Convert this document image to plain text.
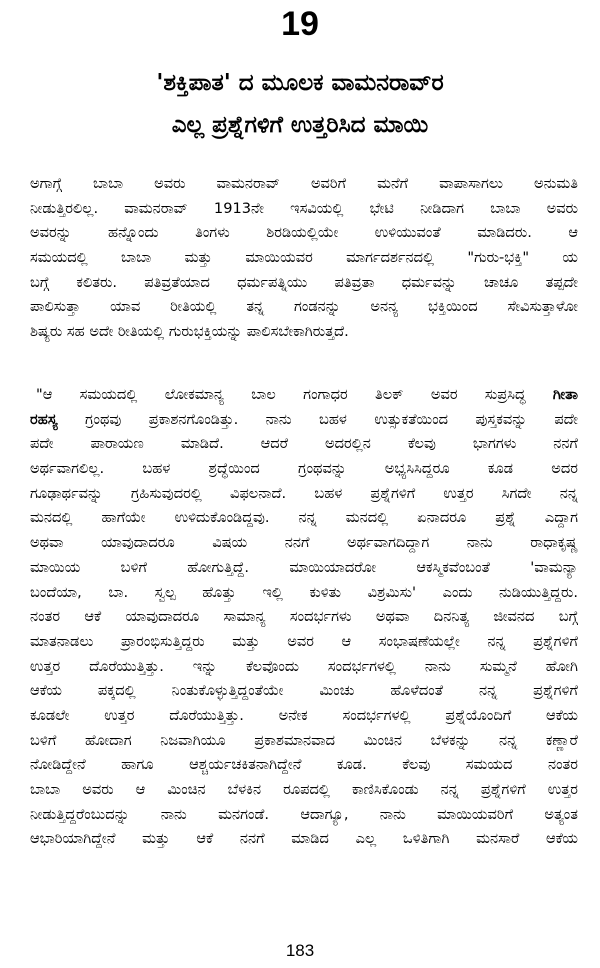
19
'ಶಕ್ತಿಪಾತ' ದ ಮೂಲಕ ವಾಮನರಾವ್‌ರ
ಎಲ್ಲ ಪ್ರಶ್ನೆಗಳಿಗೆ ಉತ್ತರಿಸಿದ ಮಾಯಿ
ಅಗಾಗ್ಗೆ ಬಾಬಾ ಅವರು ವಾಮನರಾವ್ ಅವರಿಗೆ ಮನೆಗೆ ವಾಪಾಸಾಗಲು ಅನುಮತಿ
ನೀಡುತ್ತಿರಲಿಲ್ಲ. ವಾಮನರಾವ್ 1913ನೇ ಇಸವಿಯಲ್ಲಿ ಭೇಟಿ ನೀಡಿದಾಗ ಬಾಬಾ ಅವರು
ಅವರನ್ನು ಹನ್ನೊಂದು ತಿಂಗಳು ಶಿರಡಿಯಲ್ಲಿಯೇ ಉಳಿಯುವಂತೆ ಮಾಡಿದರು. ಆ
ಸಮಯದಲ್ಲಿ ಬಾಬಾ ಮತ್ತು ಮಾಯಿಯವರ ಮಾರ್ಗದರ್ಶನದಲ್ಲಿ "ಗುರು-ಭಕ್ತಿ" ಯ
ಬಗ್ಗೆ ಕಲಿತರು. ಪತಿವ್ರತೆಯಾದ ಧರ್ಮಪತ್ನಿಯು ಪತಿವ್ರತಾ ಧರ್ಮವನ್ನು ಚಾಚೂ ತಪ್ಪದೇ
ಪಾಲಿಸುತ್ತಾ ಯಾವ ರೀತಿಯಲ್ಲಿ ತನ್ನ ಗಂಡನನ್ನು ಅನನ್ಯ ಭಕ್ತಿಯಿಂದ ಸೇವಿಸುತ್ತಾಳೋ
ಶಿಷ್ಯರು ಸಹ ಅದೇ ರೀತಿಯಲ್ಲಿ ಗುರುಭಕ್ತಿಯನ್ನು ಪಾಲಿಸಬೇಕಾಗಿರುತ್ತದೆ.
"ಆ ಸಮಯದಲ್ಲಿ ಲೋಕಮಾನ್ಯ ಬಾಲ ಗಂಗಾಧರ ತಿಲಕ್ ಅವರ ಸುಪ್ರಸಿದ್ಧ ಗೀತಾ
ರಹಸ್ಯ ಗ್ರಂಥವು ಪ್ರಕಾಶನಗೊಂಡಿತ್ತು. ನಾನು ಬಹಳ ಉತ್ಸುಕತೆಯಿಂದ ಪುಸ್ತಕವನ್ನು ಪದೇ
ಪದೇ ಪಾರಾಯಣ ಮಾಡಿದೆ. ಆದರೆ ಅದರಲ್ಲಿನ ಕೆಲವು ಭಾಗಗಳು ನನಗೆ
ಅರ್ಥವಾಗಲಿಲ್ಲ. ಬಹಳ ಶ್ರದ್ಧೆಯಿಂದ ಗ್ರಂಥವನ್ನು ಅಭ್ಯಸಿಸಿದ್ದರೂ ಕೂಡ ಅದರ
ಗೂಢಾರ್ಥವನ್ನು ಗ್ರಹಿಸುವುದರಲ್ಲಿ ವಿಫಲನಾದೆ. ಬಹಳ ಪ್ರಶ್ನೆಗಳಿಗೆ ಉತ್ತರ ಸಿಗದೇ ನನ್ನ
ಮನದಲ್ಲಿ ಹಾಗೆಯೇ ಉಳಿದುಕೊಂಡಿದ್ದವು. ನನ್ನ ಮನದಲ್ಲಿ ಏನಾದರೂ ಪ್ರಶ್ನೆ ಎದ್ದಾಗ
ಅಥವಾ ಯಾವುದಾದರೂ ವಿಷಯ ನನಗೆ ಅರ್ಥವಾಗದಿದ್ದಾಗ ನಾನು ರಾಧಾಕೃಷ್ಣ
ಮಾಯಿಯ ಬಳಿಗೆ ಹೋಗುತ್ತಿದ್ದೆ. ಮಾಯಿಯಾದರೋ ಆಕಸ್ಮಿಕವೆಂಬಂತೆ 'ವಾಮನ್ಯಾ
ಬಂದೆಯಾ, ಬಾ. ಸ್ವಲ್ಪ ಹೊತ್ತು ಇಲ್ಲಿ ಕುಳಿತು ವಿಶ್ರಮಿಸು' ಎಂದು ನುಡಿಯುತ್ತಿದ್ದರು.
ನಂತರ ಆಕೆ ಯಾವುದಾದರೂ ಸಾಮಾನ್ಯ ಸಂದರ್ಭಗಳು ಅಥವಾ ದಿನನಿತ್ಯ ಜೀವನದ ಬಗ್ಗೆ
ಮಾತನಾಡಲು ಪ್ರಾರಂಭಿಸುತ್ತಿದ್ದರು ಮತ್ತು ಅವರ ಆ ಸಂಭಾಷಣೆಯಲ್ಲೇ ನನ್ನ ಪ್ರಶ್ನೆಗಳಿಗೆ
ಉತ್ತರ ದೊರೆಯುತ್ತಿತ್ತು. ಇನ್ನು ಕೆಲವೊಂದು ಸಂದರ್ಭಗಳಲ್ಲಿ ನಾನು ಸುಮ್ಮನೆ ಹೋಗಿ
ಆಕೆಯ ಪಕ್ಕದಲ್ಲಿ ನಿಂತುಕೊಳ್ಳುತ್ತಿದ್ದಂತೆಯೇ ಮಿಂಚು ಹೊಳೆದಂತೆ ನನ್ನ ಪ್ರಶ್ನೆಗಳಿಗೆ
ಕೂಡಲೇ ಉತ್ತರ ದೊರೆಯುತ್ತಿತ್ತು. ಅನೇಕ ಸಂದರ್ಭಗಳಲ್ಲಿ ಪ್ರಶ್ನೆಯೊಂದಿಗೆ ಆಕೆಯ
ಬಳಿಗೆ ಹೋದಾಗ ನಿಜವಾಗಿಯೂ ಪ್ರಕಾಶಮಾನವಾದ ಮಿಂಚಿನ ಬೆಳಕನ್ನು ನನ್ನ ಕಣ್ಣಾರೆ
ನೋಡಿದ್ದೇನೆ ಹಾಗೂ ಆಶ್ಚರ್ಯಚಕಿತನಾಗಿದ್ದೇನೆ ಕೂಡ. ಕೆಲವು ಸಮಯದ ನಂತರ
ಬಾಬಾ ಅವರು ಆ ಮಿಂಚಿನ ಬೆಳಕಿನ ರೂಪದಲ್ಲಿ ಕಾಣಿಸಿಕೊಂಡು ನನ್ನ ಪ್ರಶ್ನೆಗಳಿಗೆ ಉತ್ತರ
ನೀಡುತ್ತಿದ್ದರೆಂಬುದನ್ನು ನಾನು ಮನಗಂಡೆ. ಆದಾಗ್ಯೂ, ನಾನು ಮಾಯಿಯವರಿಗೆ ಅತ್ಯಂತ
ಆಭಾರಿಯಾಗಿದ್ದೇನೆ ಮತ್ತು ಆಕೆ ನನಗೆ ಮಾಡಿದ ಎಲ್ಲ ಒಳಿತಿಗಾಗಿ ಮನಸಾರೆ ಆಕೆಯ
183
